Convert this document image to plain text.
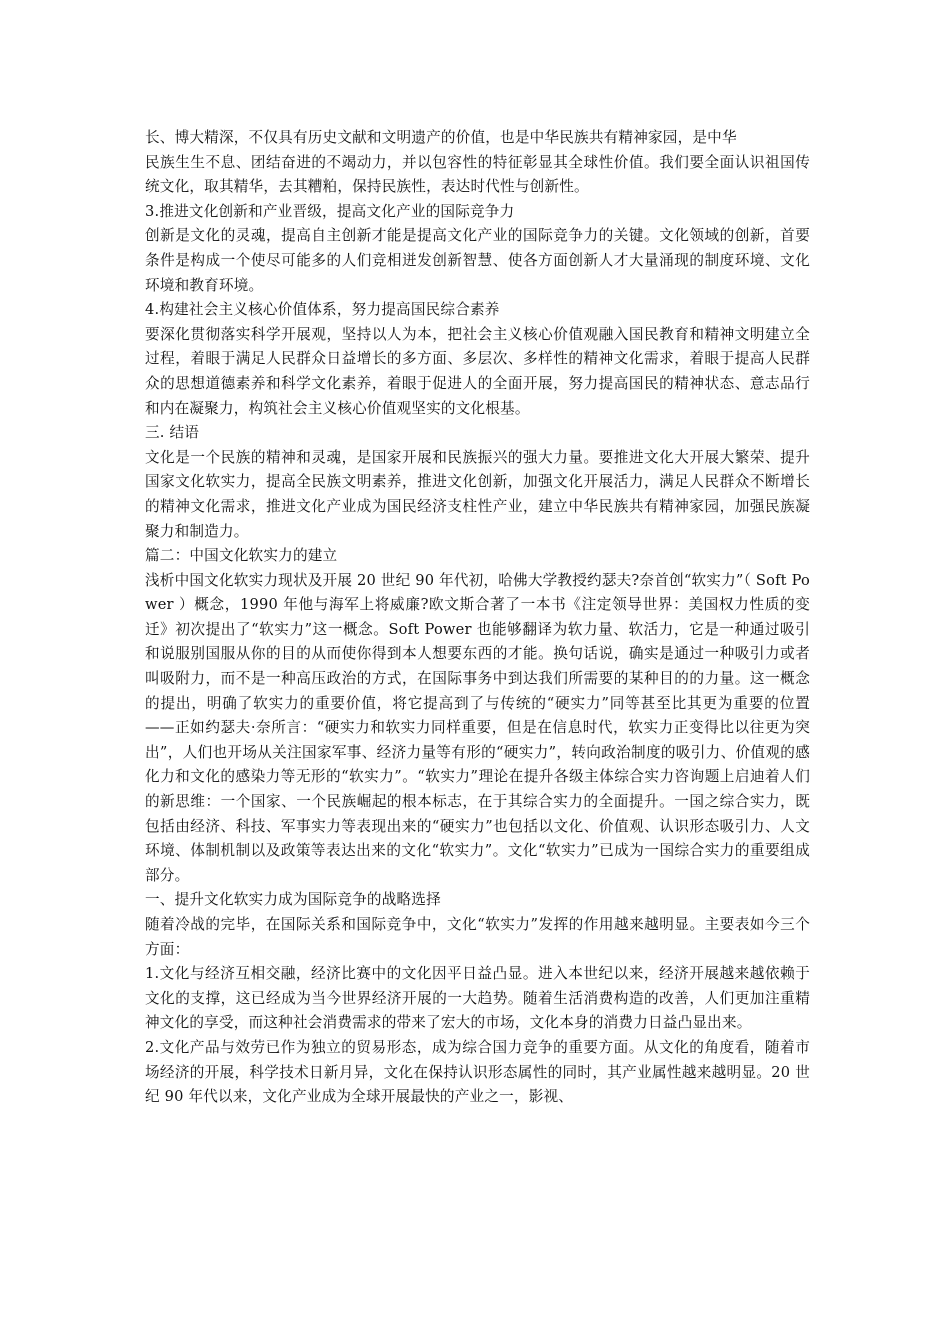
长、博大精深，不仅具有历史文献和文明遗产的价值，也是中华民族共有精神家园，是中华

民族生生不息、团结奋进的不竭动力，并以包容性的特征彰显其全球性价值。我们要全面认识祖国传统文化，取其精华，去其糟粕，保持民族性，表达时代性与创新性。

3.推进文化创新和产业晋级，提高文化产业的国际竞争力

创新是文化的灵魂，提高自主创新才能是提高文化产业的国际竞争力的关键。文化领域的创新，首要条件是构成一个使尽可能多的人们竞相迸发创新智慧、使各方面创新人才大量涌现的制度环境、文化环境和教育环境。

4.构建社会主义核心价值体系，努力提高国民综合素养

要深化贯彻落实科学开展观，坚持以人为本，把社会主义核心价值观融入国民教育和精神文明建立全过程，着眼于满足人民群众日益增长的多方面、多层次、多样性的精神文化需求，着眼于提高人民群众的思想道德素养和科学文化素养，着眼于促进人的全面开展，努力提高国民的精神状态、意志品行和内在凝聚力，构筑社会主义核心价值观坚实的文化根基。

三. 结语

文化是一个民族的精神和灵魂，是国家开展和民族振兴的强大力量。要推进文化大开展大繁荣、提升国家文化软实力，提高全民族文明素养，推进文化创新，加强文化开展活力，满足人民群众不断增长的精神文化需求，推进文化产业成为国民经济支柱性产业，建立中华民族共有精神家园，加强民族凝聚力和制造力。

篇二：中国文化软实力的建立

浅析中国文化软实力现状及开展 20 世纪 90 年代初，哈佛大学教授约瑟夫?奈首创“软实力”（ Soft Power ）概念，1990 年他与海军上将威廉?欧文斯合著了一本书《注定领导世界：美国权力性质的变迁》初次提出了“软实力”这一概念。Soft Power 也能够翻译为软力量、软活力，它是一种通过吸引和说服别国服从你的目的从而使你得到本人想要东西的才能。换句话说，确实是通过一种吸引力或者叫吸附力，而不是一种高压政治的方式，在国际事务中到达我们所需要的某种目的的力量。这一概念的提出，明确了软实力的重要价值，将它提高到了与传统的“硬实力”同等甚至比其更为重要的位置——正如约瑟夫·奈所言：“硬实力和软实力同样重要，但是在信息时代，软实力正变得比以往更为突出”，人们也开场从关注国家军事、经济力量等有形的“硬实力”，转向政治制度的吸引力、价值观的感化力和文化的感染力等无形的“软实力”。“软实力”理论在提升各级主体综合实力咨询题上启迪着人们的新思维：一个国家、一个民族崛起的根本标志，在于其综合实力的全面提升。一国之综合实力，既包括由经济、科技、军事实力等表现出来的“硬实力”也包括以文化、价值观、认识形态吸引力、人文环境、体制机制以及政策等表达出来的文化“软实力”。文化“软实力”已成为一国综合实力的重要组成部分。

一、提升文化软实力成为国际竞争的战略选择

随着冷战的完毕，在国际关系和国际竞争中，文化“软实力”发挥的作用越来越明显。主要表如今三个方面：

1.文化与经济互相交融，经济比赛中的文化因平日益凸显。进入本世纪以来，经济开展越来越依赖于文化的支撑，这已经成为当今世界经济开展的一大趋势。随着生活消费构造的改善，人们更加注重精神文化的享受，而这种社会消费需求的带来了宏大的市场，文化本身的消费力日益凸显出来。

2.文化产品与效劳已作为独立的贸易形态，成为综合国力竞争的重要方面。从文化的角度看，随着市场经济的开展，科学技术日新月异，文化在保持认识形态属性的同时，其产业属性越来越明显。20 世纪 90 年代以来，文化产业成为全球开展最快的产业之一，影视、
